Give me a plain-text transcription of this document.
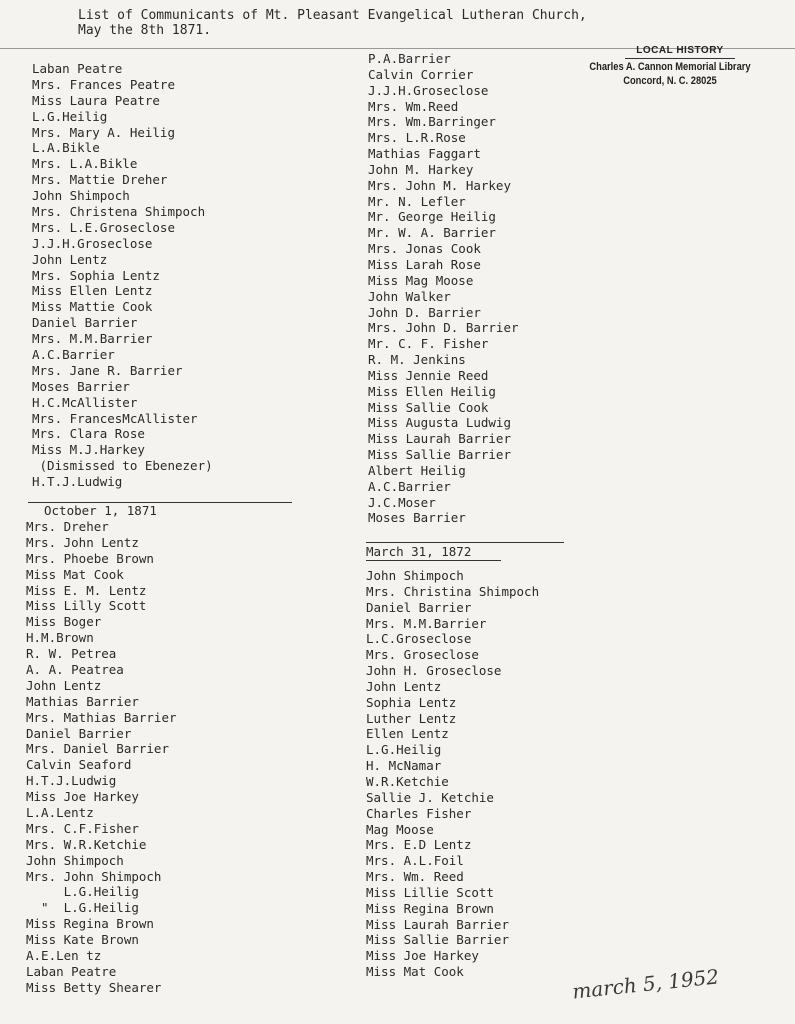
List of Communicants of Mt. Pleasant Evangelical Lutheran Church,
May the 8th 1871.
LOCAL HISTORY
Charles A. Cannon Memorial Library
Concord, N. C. 28025
Laban Peatre
Mrs. Frances Peatre
Miss Laura Peatre
L.G.Heilig
Mrs. Mary A. Heilig
L.A.Bikle
Mrs. L.A.Bikle
Mrs. Mattie Dreher
John Shimpoch
Mrs. Christena Shimpoch
Mrs. L.E.Groseclose
J.J.H.Groseclose
John Lentz
Mrs. Sophia Lentz
Miss Ellen Lentz
Miss Mattie Cook
Daniel Barrier
Mrs. M.M.Barrier
A.C.Barrier
Mrs. Jane R. Barrier
Moses Barrier
H.C.McAllister
Mrs. FrancesMcAllister
Mrs. Clara Rose
Miss M.J.Harkey
(Dismissed to Ebenezer)
H.T.J.Ludwig
October 1, 1871
Mrs. Dreher
Mrs. John Lentz
Mrs. Phoebe Brown
Miss Mat Cook
Miss E. M. Lentz
Miss Lilly Scott
Miss Boger
H.M.Brown
R. W. Petrea
A. A. Peatrea
John Lentz
Mathias Barrier
Mrs. Mathias Barrier
Daniel Barrier
Mrs. Daniel Barrier
Calvin Seaford
H.T.J.Ludwig
Miss Joe Harkey
L.A.Lentz
Mrs. C.F.Fisher
Mrs. W.R.Ketchie
John Shimpoch
Mrs. John Shimpoch
L.G.Heilig
"  L.G.Heilig
Miss Regina Brown
Miss Kate Brown
A.E.Len tz
Laban Peatre
Miss Betty Shearer
P.A.Barrier
Calvin Corrier
J.J.H.Groseclose
Mrs. Wm.Reed
Mrs. Wm.Barringer
Mrs. L.R.Rose
Mathias Faggart
John M. Harkey
Mrs. John M. Harkey
Mr. N. Lefler
Mr. George Heilig
Mr. W. A. Barrier
Mrs. Jonas Cook
Miss Larah Rose
Miss Mag Moose
John Walker
John D. Barrier
Mrs. John D. Barrier
Mr. C. F. Fisher
R. M. Jenkins
Miss Jennie Reed
Miss Ellen Heilig
Miss Sallie Cook
Miss Augusta Ludwig
Miss Laurah Barrier
Miss Sallie Barrier
Albert Heilig
A.C.Barrier
J.C.Moser
Moses Barrier
March 31, 1872
John Shimpoch
Mrs. Christina Shimpoch
Daniel Barrier
Mrs. M.M.Barrier
L.C.Groseclose
Mrs. Groseclose
John H. Groseclose
John Lentz
Sophia Lentz
Luther Lentz
Ellen Lentz
L.G.Heilig
H. McNamar
W.R.Ketchie
Sallie J. Ketchie
Charles Fisher
Mag Moose
Mrs. E.D Lentz
Mrs. A.L.Foil
Mrs. Wm. Reed
Miss Lillie Scott
Miss Regina Brown
Miss Laurah Barrier
Miss Sallie Barrier
Miss Joe Harkey
Miss Mat Cook	march 5, 1952
